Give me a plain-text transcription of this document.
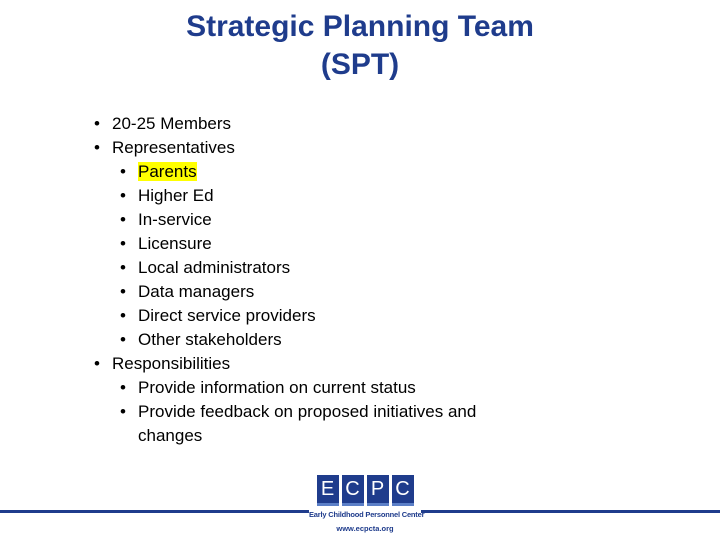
Strategic Planning Team
(SPT)
• 20-25 Members
• Representatives
• Parents
• Higher Ed
• In-service
• Licensure
• Local administrators
• Data managers
• Direct service providers
• Other stakeholders
• Responsibilities
• Provide information on current status
• Provide feedback on proposed initiatives and changes
E C P C
Early Childhood Personnel Center
www.ecpcta.org
